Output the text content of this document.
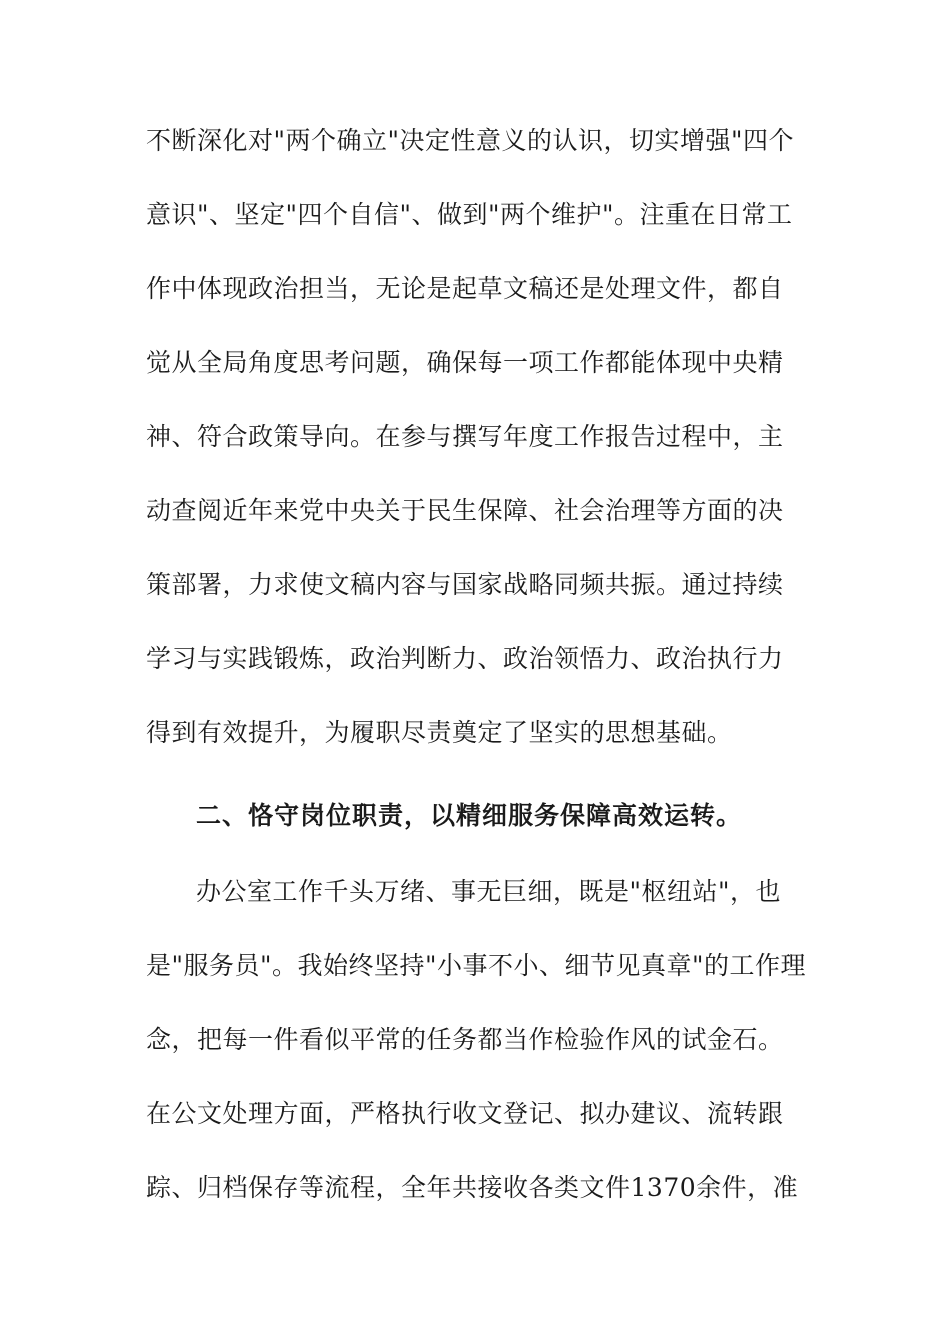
不断深化对"两个确立"决定性意义的认识，切实增强"四个
意识"、坚定"四个自信"、做到"两个维护"。注重在日常工
作中体现政治担当，无论是起草文稿还是处理文件，都自
觉从全局角度思考问题，确保每一项工作都能体现中央精
神、符合政策导向。在参与撰写年度工作报告过程中，主
动查阅近年来党中央关于民生保障、社会治理等方面的决
策部署，力求使文稿内容与国家战略同频共振。通过持续
学习与实践锻炼，政治判断力、政治领悟力、政治执行力
得到有效提升，为履职尽责奠定了坚实的思想基础。
二、恪守岗位职责，以精细服务保障高效运转。
办公室工作千头万绪、事无巨细，既是"枢纽站"，也
是"服务员"。我始终坚持"小事不小、细节见真章"的工作理
念，把每一件看似平常的任务都当作检验作风的试金石。
在公文处理方面，严格执行收文登记、拟办建议、流转跟
踪、归档保存等流程，全年共接收各类文件1370余件，准
